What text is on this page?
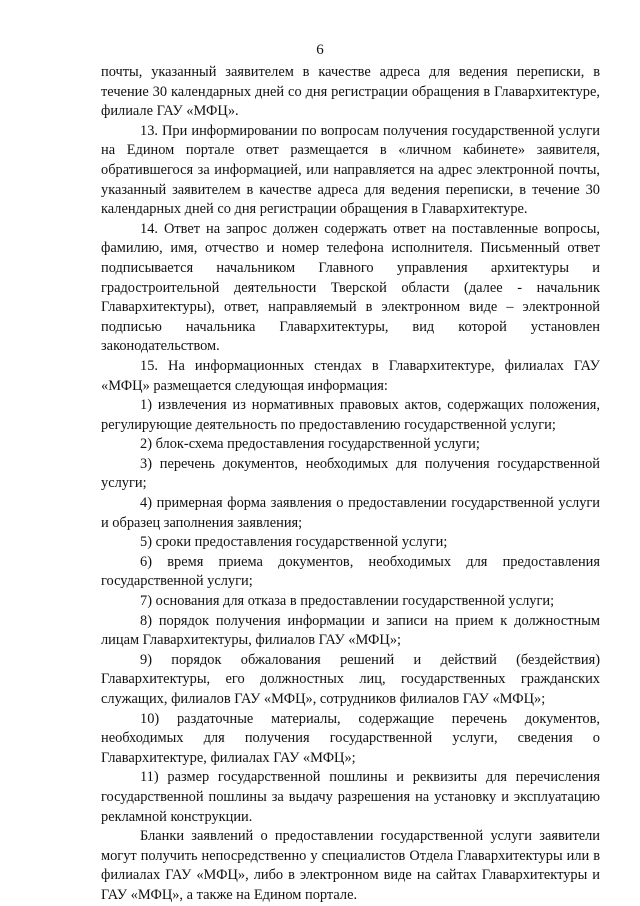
6

почты, указанный заявителем в качестве адреса для ведения переписки, в течение 30 календарных дней со дня регистрации обращения в Главархитектуре, филиале ГАУ «МФЦ».

13. При информировании по вопросам получения государственной услуги на Едином портале ответ размещается в «личном кабинете» заявителя, обратившегося за информацией, или направляется на адрес электронной почты, указанный заявителем в качестве адреса для ведения переписки, в течение 30 календарных дней со дня регистрации обращения в Главархитектуре.

14. Ответ на запрос должен содержать ответ на поставленные вопросы, фамилию, имя, отчество и номер телефона исполнителя. Письменный ответ подписывается начальником Главного управления архитектуры и градостроительной деятельности Тверской области (далее - начальник Главархитектуры), ответ, направляемый в электронном виде – электронной подписью начальника Главархитектуры, вид которой установлен законодательством.

15. На информационных стендах в Главархитектуре, филиалах ГАУ «МФЦ» размещается следующая информация:

1) извлечения из нормативных правовых актов, содержащих положения, регулирующие деятельность по предоставлению государственной услуги;

2) блок-схема предоставления государственной услуги;

3) перечень документов, необходимых для получения государственной услуги;

4) примерная форма заявления о предоставлении государственной услуги и образец заполнения заявления;

5) сроки предоставления государственной услуги;

6) время приема документов, необходимых для предоставления государственной услуги;

7) основания для отказа в предоставлении государственной услуги;

8) порядок получения информации и записи на прием к должностным лицам Главархитектуры, филиалов ГАУ «МФЦ»;

9) порядок обжалования решений и действий (бездействия) Главархитектуры, его должностных лиц, государственных гражданских служащих, филиалов ГАУ «МФЦ», сотрудников филиалов ГАУ «МФЦ»;

10) раздаточные материалы, содержащие перечень документов, необходимых для получения государственной услуги, сведения о Главархитектуре, филиалах ГАУ «МФЦ»;

11) размер государственной пошлины и реквизиты для перечисления государственной пошлины за выдачу разрешения на установку и эксплуатацию рекламной конструкции.

Бланки заявлений о предоставлении государственной услуги заявители могут получить непосредственно у специалистов Отдела Главархитектуры или в филиалах ГАУ «МФЦ», либо в электронном виде на сайтах Главархитектуры и ГАУ «МФЦ», а также на Едином портале.
